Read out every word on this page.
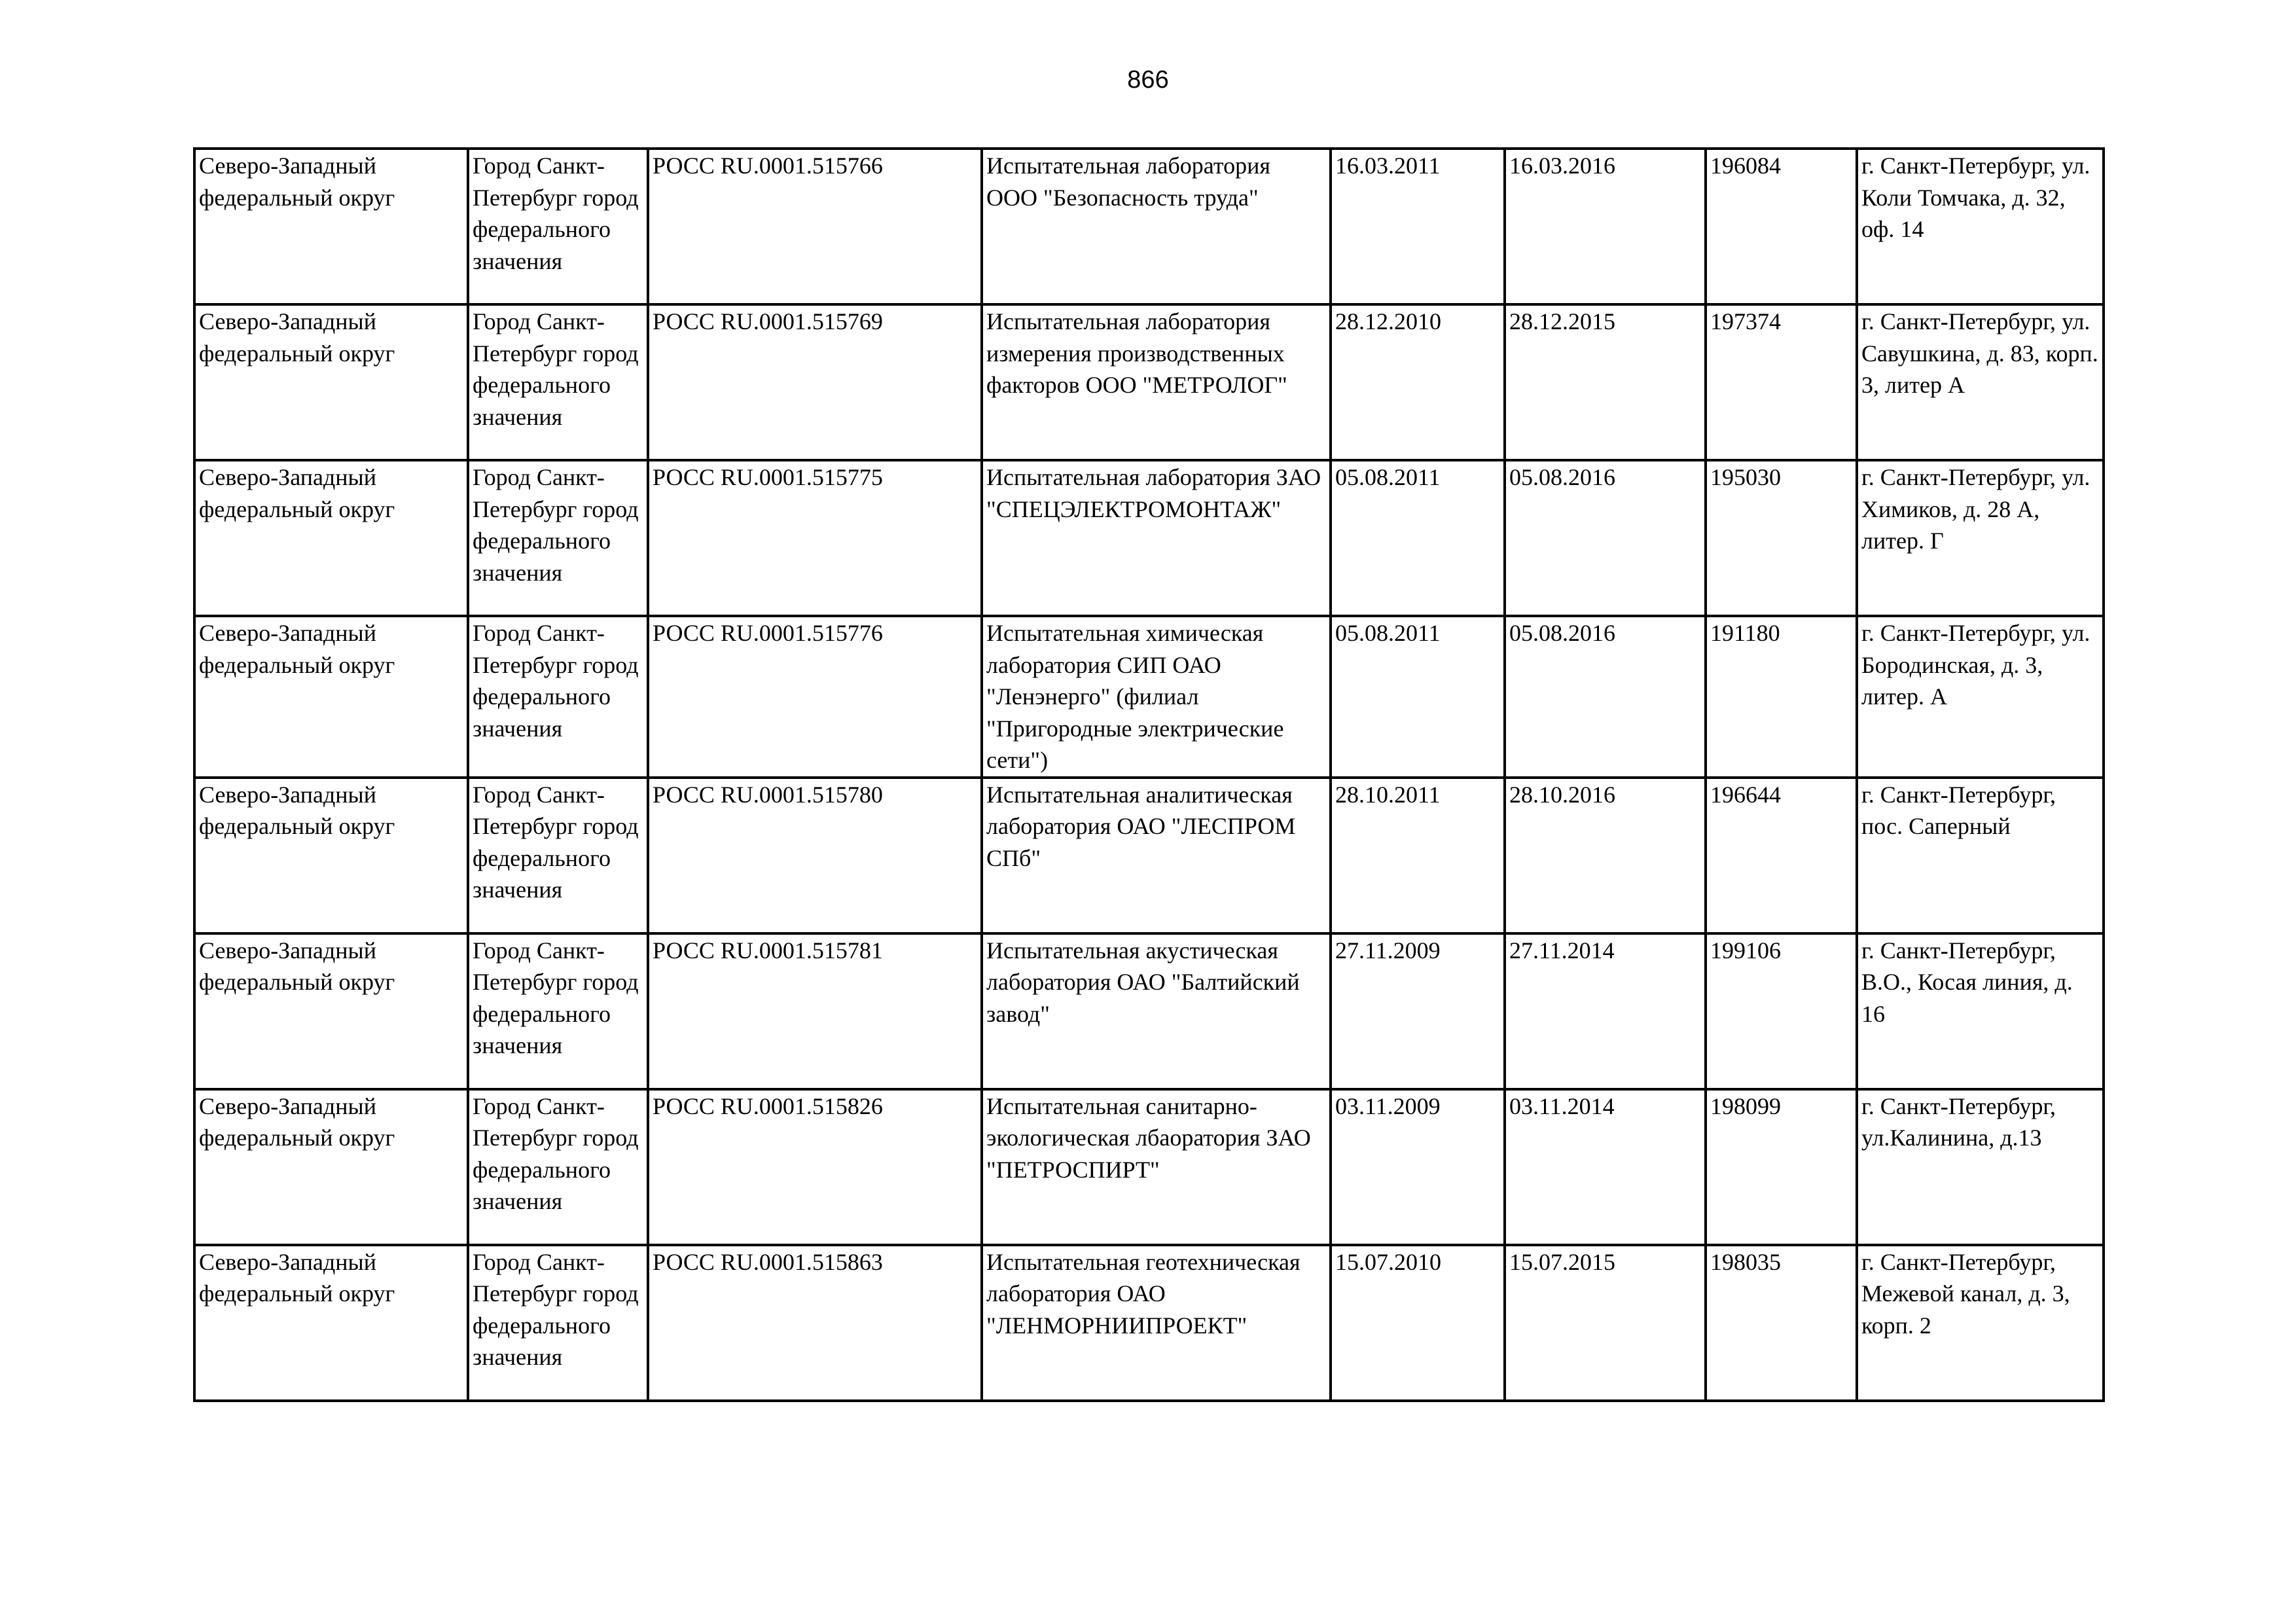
866
Северо-Западный федеральный округ	Город Санкт-Петербург город федерального значения	РОСС RU.0001.515766	Испытательная лаборатория ООО "Безопасность труда"	16.03.2011	16.03.2016	196084	г. Санкт-Петербург, ул. Коли Томчака, д. 32, оф. 14
Северо-Западный федеральный округ	Город Санкт-Петербург город федерального значения	РОСС RU.0001.515769	Испытательная лаборатория измерения производственных факторов ООО "МЕТРОЛОГ"	28.12.2010	28.12.2015	197374	г. Санкт-Петербург, ул. Савушкина, д. 83, корп. 3, литер А
Северо-Западный федеральный округ	Город Санкт-Петербург город федерального значения	РОСС RU.0001.515775	Испытательная лаборатория ЗАО "СПЕЦЭЛЕКТРОМОНТАЖ"	05.08.2011	05.08.2016	195030	г. Санкт-Петербург, ул. Химиков, д. 28 А, литер. Г
Северо-Западный федеральный округ	Город Санкт-Петербург город федерального значения	РОСС RU.0001.515776	Испытательная химическая лаборатория СИП ОАО "Ленэнерго" (филиал "Пригородные электрические сети")	05.08.2011	05.08.2016	191180	г. Санкт-Петербург, ул. Бородинская, д. 3, литер. А
Северо-Западный федеральный округ	Город Санкт-Петербург город федерального значения	РОСС RU.0001.515780	Испытательная аналитическая лаборатория ОАО "ЛЕСПРОМ СПб"	28.10.2011	28.10.2016	196644	г. Санкт-Петербург, пос. Саперный
Северо-Западный федеральный округ	Город Санкт-Петербург город федерального значения	РОСС RU.0001.515781	Испытательная акустическая лаборатория ОАО "Балтийский завод"	27.11.2009	27.11.2014	199106	г. Санкт-Петербург, В.О., Косая линия, д. 16
Северо-Западный федеральный округ	Город Санкт-Петербург город федерального значения	РОСС RU.0001.515826	Испытательная санитарно-экологическая лбаоратория ЗАО "ПЕТРОСПИРТ"	03.11.2009	03.11.2014	198099	г. Санкт-Петербург, ул.Калинина, д.13
Северо-Западный федеральный округ	Город Санкт-Петербург город федерального значения	РОСС RU.0001.515863	Испытательная геотехническая лаборатория ОАО "ЛЕНМОРНИИПРОЕКТ"	15.07.2010	15.07.2015	198035	г. Санкт-Петербург, Межевой канал, д. 3, корп. 2
